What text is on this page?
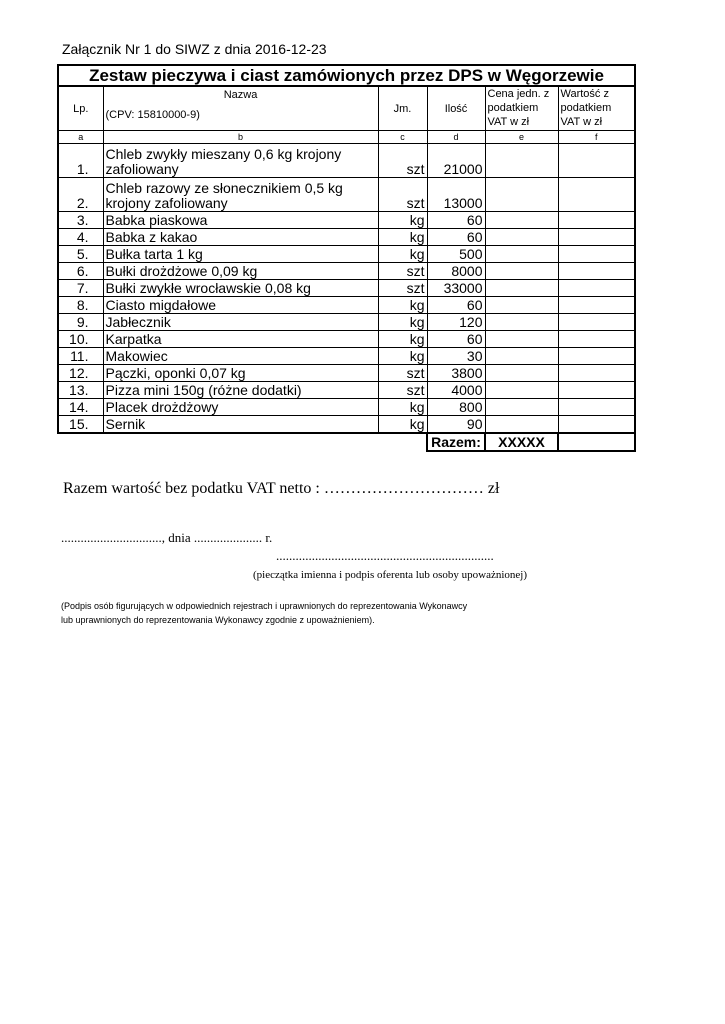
Załącznik Nr 1 do SIWZ z dnia 2016-12-23
Zestaw pieczywa i ciast zamówionych przez DPS w Węgorzewie					
Lp.	Nazwa
(CPV: 15810000-9)	Jm.	Ilość	Cena jedn. z podatkiem VAT w zł	Wartość z podatkiem VAT w zł
a	b	c	d	e	f
1.	Chleb zwykły mieszany 0,6 kg krojony zafoliowany	szt	21000		
2.	Chleb razowy ze słonecznikiem 0,5 kg krojony zafoliowany	szt	13000		
3.	Babka piaskowa	kg	60		
4.	Babka z kakao	kg	60		
5.	Bułka tarta 1 kg	kg	500		
6.	Bułki drożdżowe 0,09 kg	szt	8000		
7.	Bułki zwykłe wrocławskie 0,08 kg	szt	33000		
8.	Ciasto migdałowe	kg	60		
9.	Jabłecznik	kg	120		
10.	Karpatka	kg	60		
11.	Makowiec	kg	30		
12.	Pączki, oponki 0,07 kg	szt	3800		
13.	Pizza mini 150g (różne dodatki)	szt	4000		
14.	Placek drożdżowy	kg	800		
15.	Sernik	kg	90		
			Razem:	XXXXX	
Razem wartość bez podatku VAT netto : ………………………… zł
..............................., dnia ..................... r.
...................................................................
(pieczątka imienna i podpis oferenta lub osoby upoważnionej)
(Podpis osób figurujących w odpowiednich rejestrach i uprawnionych do reprezentowania Wykonawcy
lub uprawnionych do reprezentowania Wykonawcy zgodnie z upoważnieniem).
